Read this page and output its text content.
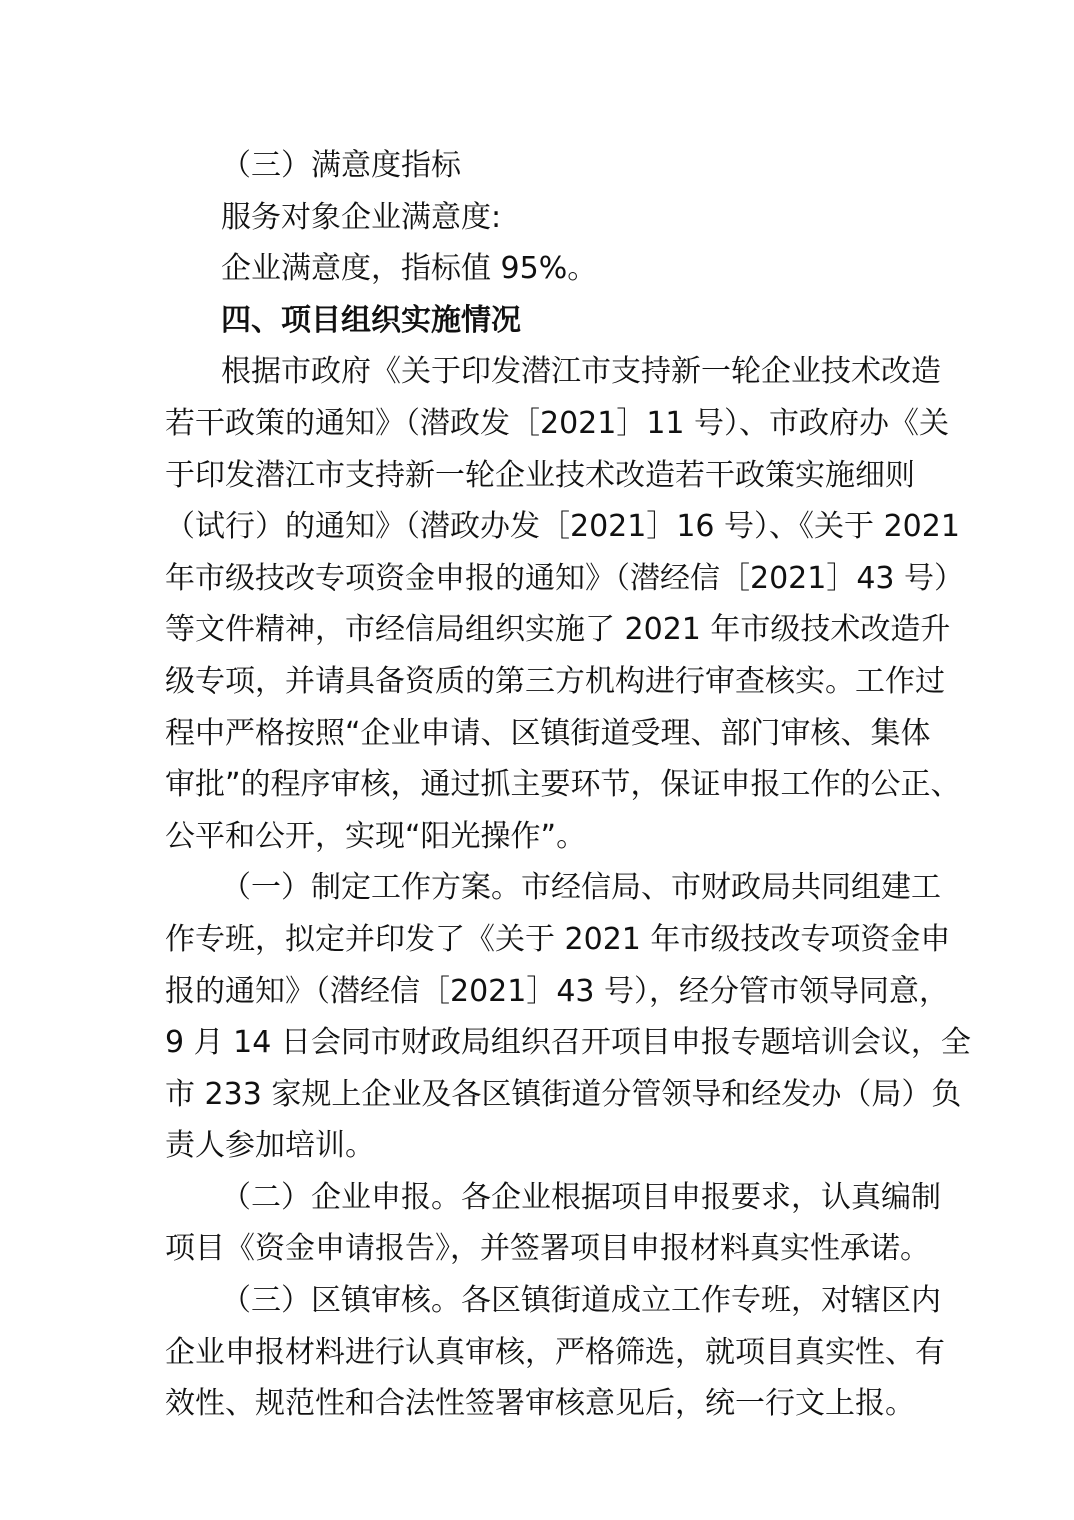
（三）满意度指标
服务对象企业满意度:
企业满意度，指标值 95%。
四、项目组织实施情况
根据市政府《关于印发潜江市支持新一轮企业技术改造
若干政策的通知》（潜政发［2021］11 号）、市政府办《关
于印发潜江市支持新一轮企业技术改造若干政策实施细则
（试行）的通知》（潜政办发［2021］16 号）、《关于 2021
年市级技改专项资金申报的通知》（潜经信［2021］43 号）
等文件精神，市经信局组织实施了 2021 年市级技术改造升
级专项，并请具备资质的第三方机构进行审查核实。工作过
程中严格按照“企业申请、区镇街道受理、部门审核、集体
审批”的程序审核，通过抓主要环节，保证申报工作的公正、
公平和公开，实现“阳光操作”。
（一）制定工作方案。市经信局、市财政局共同组建工
作专班，拟定并印发了《关于 2021 年市级技改专项资金申
报的通知》（潜经信［2021］43 号），经分管市领导同意，
9 月 14 日会同市财政局组织召开项目申报专题培训会议，全
市 233 家规上企业及各区镇街道分管领导和经发办（局）负
责人参加培训。
（二）企业申报。各企业根据项目申报要求，认真编制
项目《资金申请报告》，并签署项目申报材料真实性承诺。
（三）区镇审核。各区镇街道成立工作专班，对辖区内
企业申报材料进行认真审核，严格筛选，就项目真实性、有
效性、规范性和合法性签署审核意见后，统一行文上报。
